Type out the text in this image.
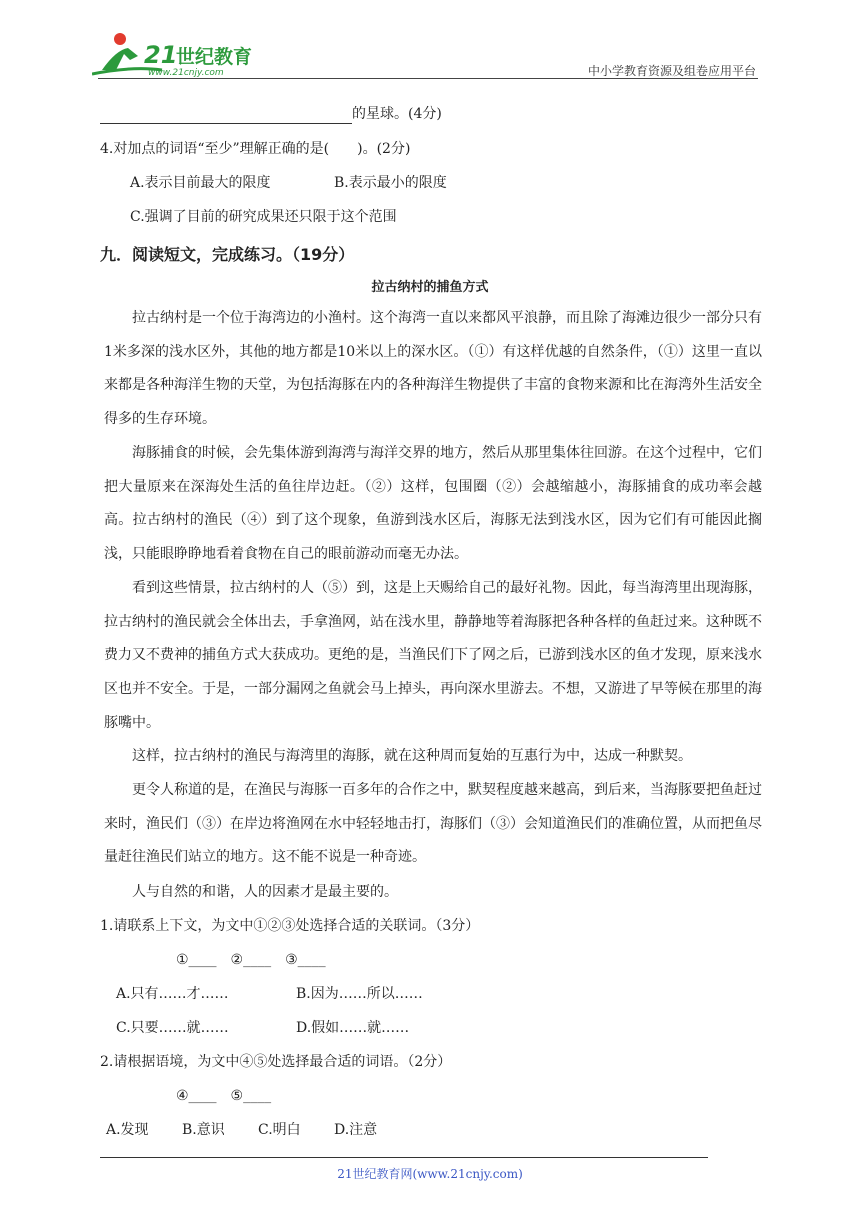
21
世纪教育
www.21cnjy.com	中小学教育资源及组卷应用平台
的星球。(4分)
4.对加点的词语“至少”理解正确的是(　　)。(2分)
A.表示目前最大的限度	B.表示最小的限度
C.强调了目前的研究成果还只限于这个范围
九．阅读短文，完成练习。（19分）
拉古纳村的捕鱼方式
拉古纳村是一个位于海湾边的小渔村。这个海湾一直以来都风平浪静，而且除了海滩边很少一部分只有1米多深的浅水区外，其他的地方都是10米以上的深水区。（①）有这样优越的自然条件，（①）这里一直以来都是各种海洋生物的天堂，为包括海豚在内的各种海洋生物提供了丰富的食物来源和比在海湾外生活安全得多的生存环境。
海豚捕食的时候，会先集体游到海湾与海洋交界的地方，然后从那里集体往回游。在这个过程中，它们把大量原来在深海处生活的鱼往岸边赶。（②）这样，包围圈（②）会越缩越小，海豚捕食的成功率会越高。拉古纳村的渔民（④）到了这个现象，鱼游到浅水区后，海豚无法到浅水区，因为它们有可能因此搁浅，只能眼睁睁地看着食物在自己的眼前游动而毫无办法。
看到这些情景，拉古纳村的人（⑤）到，这是上天赐给自己的最好礼物。因此，每当海湾里出现海豚，拉古纳村的渔民就会全体出去，手拿渔网，站在浅水里，静静地等着海豚把各种各样的鱼赶过来。这种既不费力又不费神的捕鱼方式大获成功。更绝的是，当渔民们下了网之后，已游到浅水区的鱼才发现，原来浅水区也并不安全。于是，一部分漏网之鱼就会马上掉头，再向深水里游去。不想，又游进了早等候在那里的海豚嘴中。
这样，拉古纳村的渔民与海湾里的海豚，就在这种周而复始的互惠行为中，达成一种默契。
更令人称道的是，在渔民与海豚一百多年的合作之中，默契程度越来越高，到后来，当海豚要把鱼赶过来时，渔民们（③）在岸边将渔网在水中轻轻地击打，海豚们（③）会知道渔民们的准确位置，从而把鱼尽量赶往渔民们站立的地方。这不能不说是一种奇迹。
人与自然的和谐，人的因素才是最主要的。
1.请联系上下文，为文中①②③处选择合适的关联词。（3分）
①____　②____　③____
A.只有……才……	B.因为……所以……
C.只要……就……	D.假如……就……
2.请根据语境，为文中④⑤处选择最合适的词语。（2分）
④____　⑤____
A.发现 B.意识 C.明白 D.注意
21世纪教育网(www.21cnjy.com)
